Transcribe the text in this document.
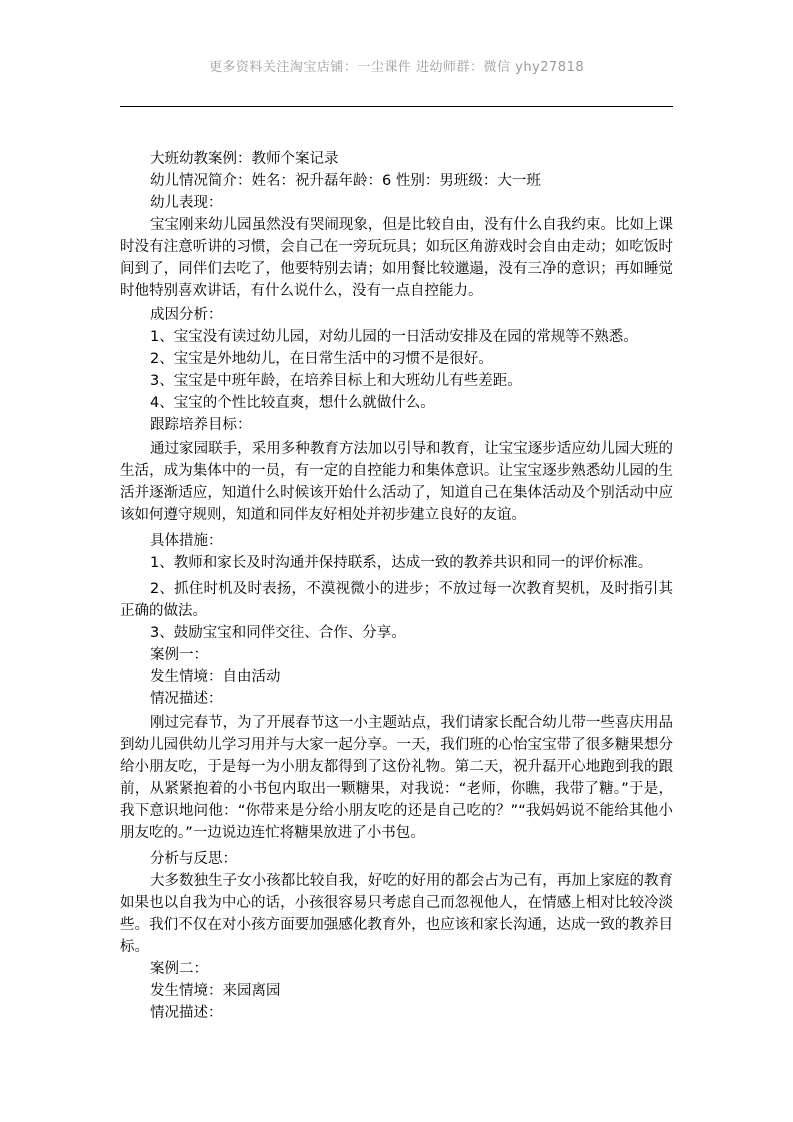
更多资料关注淘宝店铺：一尘课件 进幼师群：微信 yhy27818

大班幼教案例：教师个案记录

幼儿情况简介：姓名：祝升磊年龄：6 性别：男班级：大一班

幼儿表现：

宝宝刚来幼儿园虽然没有哭闹现象，但是比较自由，没有什么自我约束。比如上课时没有注意听讲的习惯，会自己在一旁玩玩具；如玩区角游戏时会自由走动；如吃饭时间到了，同伴们去吃了，他要特别去请；如用餐比较邋遢，没有三净的意识；再如睡觉时他特别喜欢讲话，有什么说什么，没有一点自控能力。

成因分析：

1、宝宝没有读过幼儿园，对幼儿园的一日活动安排及在园的常规等不熟悉。

2、宝宝是外地幼儿，在日常生活中的习惯不是很好。

3、宝宝是中班年龄，在培养目标上和大班幼儿有些差距。

4、宝宝的个性比较直爽，想什么就做什么。

跟踪培养目标：

通过家园联手，采用多种教育方法加以引导和教育，让宝宝逐步适应幼儿园大班的生活，成为集体中的一员，有一定的自控能力和集体意识。让宝宝逐步熟悉幼儿园的生活并逐渐适应，知道什么时候该开始什么活动了，知道自己在集体活动及个别活动中应该如何遵守规则，知道和同伴友好相处并初步建立良好的友谊。

具体措施：

1、教师和家长及时沟通并保持联系，达成一致的教养共识和同一的评价标准。

2、抓住时机及时表扬，不漠视微小的进步；不放过每一次教育契机，及时指引其正确的做法。

3、鼓励宝宝和同伴交往、合作、分享。

案例一：

发生情境：自由活动

情况描述：

刚过完春节，为了开展春节这一小主题站点，我们请家长配合幼儿带一些喜庆用品到幼儿园供幼儿学习用并与大家一起分享。一天，我们班的心怡宝宝带了很多糖果想分给小朋友吃，于是每一为小朋友都得到了这份礼物。第二天，祝升磊开心地跑到我的跟前，从紧紧抱着的小书包内取出一颗糖果，对我说：“老师，你瞧，我带了糖。”于是，我下意识地问他：“你带来是分给小朋友吃的还是自己吃的？”“我妈妈说不能给其他小朋友吃的。”一边说边连忙将糖果放进了小书包。

分析与反思：

大多数独生子女小孩都比较自我，好吃的好用的都会占为己有，再加上家庭的教育如果也以自我为中心的话，小孩很容易只考虑自己而忽视他人，在情感上相对比较冷淡些。我们不仅在对小孩方面要加强感化教育外，也应该和家长沟通，达成一致的教养目标。

案例二：

发生情境：来园离园

情况描述：
